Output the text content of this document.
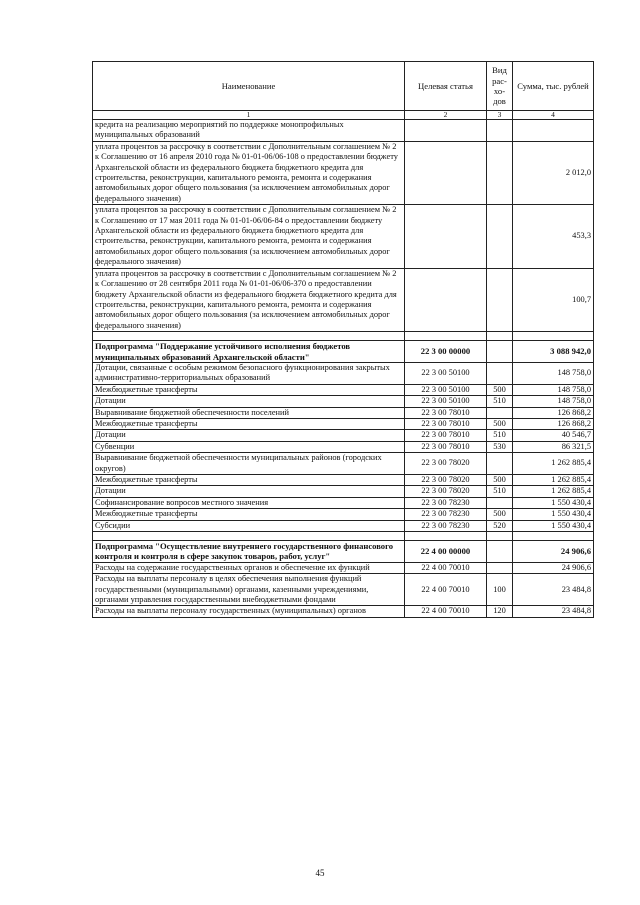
Наименование	Целевая статья	Вид рас- хо- дов	Сумма, тыс. рублей
1	2	3	4
кредита на реализацию мероприятий по поддержке монопрофильных муниципальных образований			
уплата процентов за рассрочку в соответствии с Дополнительным соглашением № 2 к Соглашению от 16 апреля 2010 года № 01-01-06/06-108 о предоставлении бюджету Архангельской области из федерального бюджета бюджетного кредита для строительства, реконструкции, капитального ремонта, ремонта и содержания автомобильных дорог общего пользования (за исключением автомобильных дорог федерального значения)			2 012,0
уплата процентов за рассрочку в соответствии с Дополнительным соглашением № 2 к Соглашению от 17 мая 2011 года № 01-01-06/06-84 о предоставлении бюджету Архангельской области из федерального бюджета бюджетного кредита для строительства, реконструкции, капитального ремонта, ремонта и содержания автомобильных дорог общего пользования (за исключением автомобильных дорог федерального значения)			453,3
уплата процентов за рассрочку в соответствии с Дополнительным соглашением № 2 к Соглашению от 28 сентября 2011 года № 01-01-06/06-370 о предоставлении бюджету Архангельской области из федерального бюджета бюджетного кредита для строительства, реконструкции, капитального ремонта, ремонта и содержания автомобильных дорог общего пользования (за исключением автомобильных дорог федерального значения)			100,7

Подпрограмма "Поддержание устойчивого исполнения бюджетов муниципальных образований Архангельской области"	22 3 00 00000		3 088 942,0
Дотации, связанные с особым режимом безопасного функционирования закрытых административно-территориальных образований	22 3 00 50100		148 758,0
Межбюджетные трансферты	22 3 00 50100	500	148 758,0
Дотации	22 3 00 50100	510	148 758,0
Выравнивание бюджетной обеспеченности поселений	22 3 00 78010		126 868,2
Межбюджетные трансферты	22 3 00 78010	500	126 868,2
Дотации	22 3 00 78010	510	40 546,7
Субвенции	22 3 00 78010	530	86 321,5
Выравнивание бюджетной обеспеченности муниципальных районов (городских округов)	22 3 00 78020		1 262 885,4
Межбюджетные трансферты	22 3 00 78020	500	1 262 885,4
Дотации	22 3 00 78020	510	1 262 885,4
Софинансирование вопросов местного значения	22 3 00 78230		1 550 430,4
Межбюджетные трансферты	22 3 00 78230	500	1 550 430,4
Субсидии	22 3 00 78230	520	1 550 430,4

Подпрограмма "Осуществление внутреннего государственного финансового контроля и контроля в сфере закупок товаров, работ, услуг"	22 4 00 00000		24 906,6
Расходы на содержание государственных органов и обеспечение их функций	22 4 00 70010		24 906,6
Расходы на выплаты персоналу в целях обеспечения выполнения функций государственными (муниципальными) органами, казенными учреждениями, органами управления государственными внебюджетными фондами	22 4 00 70010	100	23 484,8
Расходы на выплаты персоналу государственных (муниципальных) органов	22 4 00 70010	120	23 484,8
45
